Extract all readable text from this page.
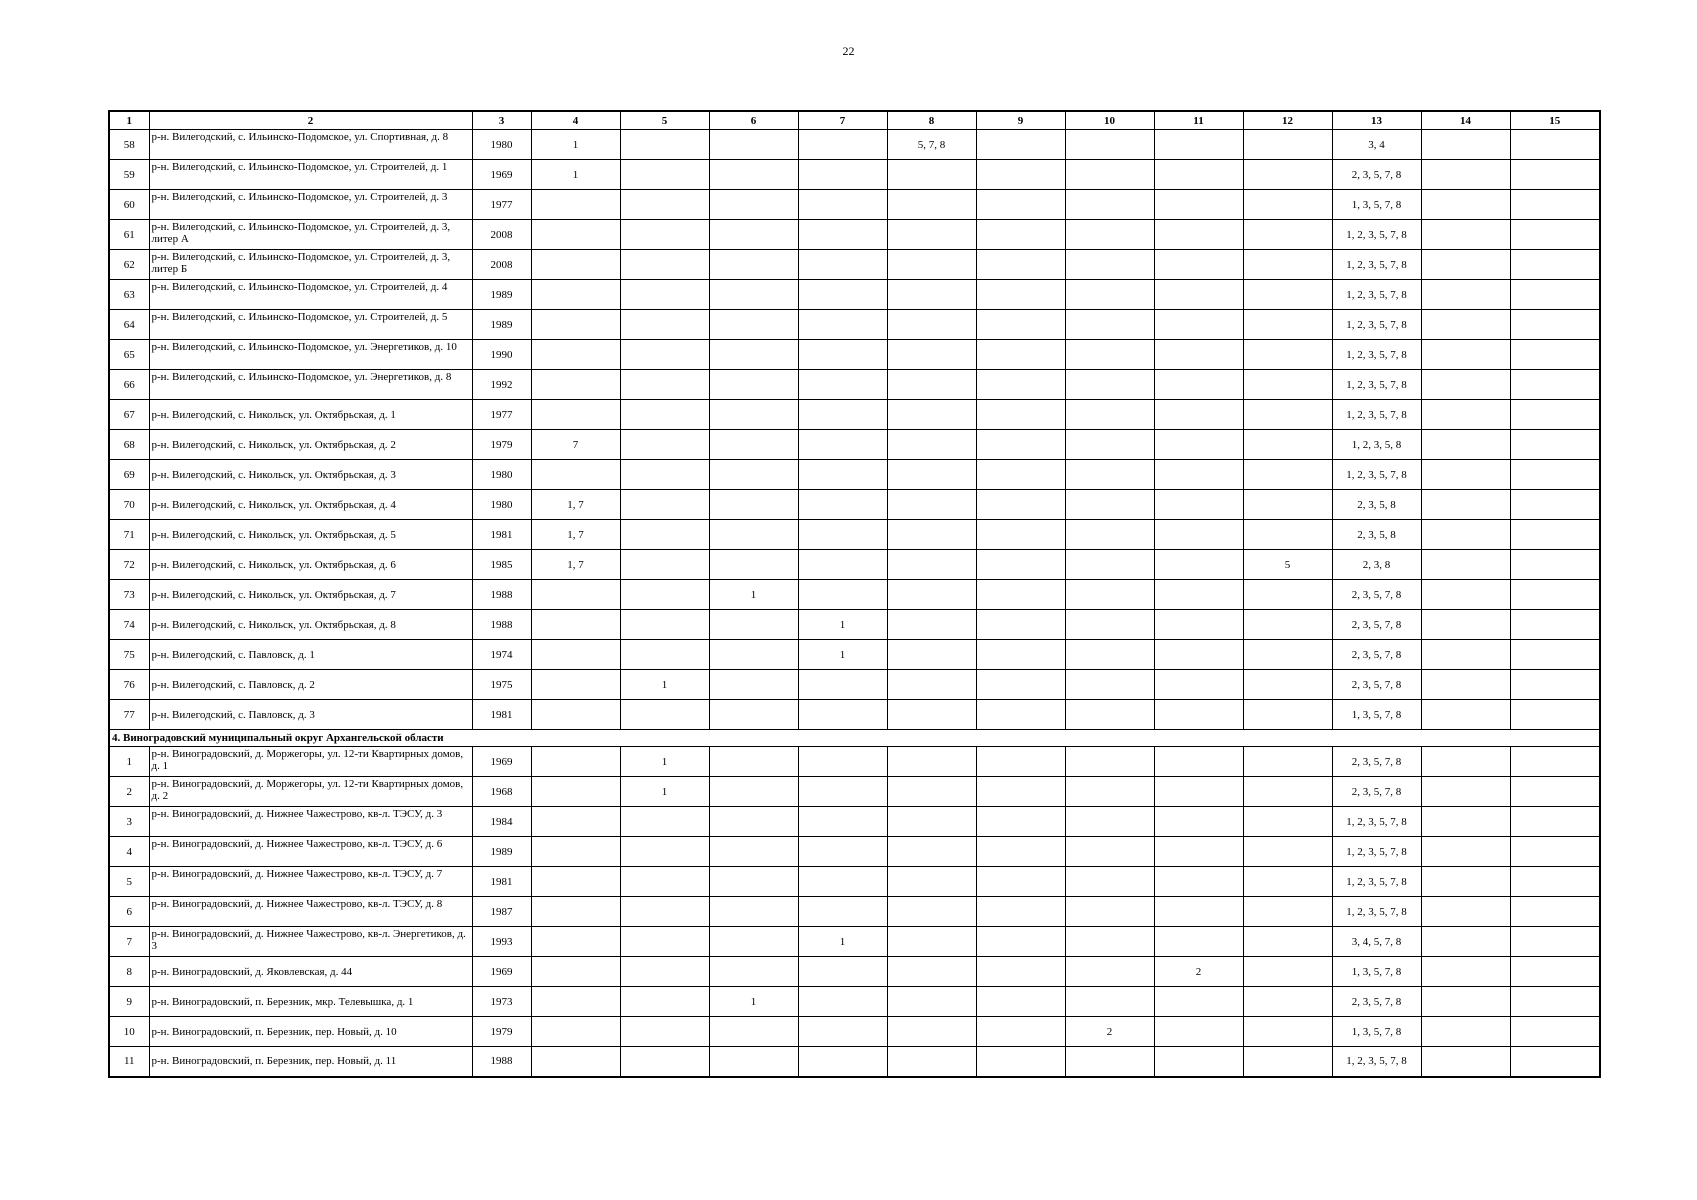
22
1	2	3	4	5	6	7	8	9	10	11	12	13	14	15
58	р-н. Вилегодский, с. Ильинско-Подомское, ул. Спортивная, д. 8	1980	1				5, 7, 8					3, 4		
59	р-н. Вилегодский, с. Ильинско-Подомское, ул. Строителей, д. 1	1969	1									2, 3, 5, 7, 8		
60	р-н. Вилегодский, с. Ильинско-Подомское, ул. Строителей, д. 3	1977										1, 3, 5, 7, 8		
61	р-н. Вилегодский, с. Ильинско-Подомское, ул. Строителей, д. 3, литер А	2008										1, 2, 3, 5, 7, 8		
62	р-н. Вилегодский, с. Ильинско-Подомское, ул. Строителей, д. 3, литер Б	2008										1, 2, 3, 5, 7, 8		
63	р-н. Вилегодский, с. Ильинско-Подомское, ул. Строителей, д. 4	1989										1, 2, 3, 5, 7, 8		
64	р-н. Вилегодский, с. Ильинско-Подомское, ул. Строителей, д. 5	1989										1, 2, 3, 5, 7, 8		
65	р-н. Вилегодский, с. Ильинско-Подомское, ул. Энергетиков, д. 10	1990										1, 2, 3, 5, 7, 8		
66	р-н. Вилегодский, с. Ильинско-Подомское, ул. Энергетиков, д. 8	1992										1, 2, 3, 5, 7, 8		
67	р-н. Вилегодский, с. Никольск, ул. Октябрьская, д. 1	1977										1, 2, 3, 5, 7, 8		
68	р-н. Вилегодский, с. Никольск, ул. Октябрьская, д. 2	1979	7									1, 2, 3, 5, 8		
69	р-н. Вилегодский, с. Никольск, ул. Октябрьская, д. 3	1980										1, 2, 3, 5, 7, 8		
70	р-н. Вилегодский, с. Никольск, ул. Октябрьская, д. 4	1980	1, 7									2, 3, 5, 8		
71	р-н. Вилегодский, с. Никольск, ул. Октябрьская, д. 5	1981	1, 7									2, 3, 5, 8		
72	р-н. Вилегодский, с. Никольск, ул. Октябрьская, д. 6	1985	1, 7								5	2, 3, 8		
73	р-н. Вилегодский, с. Никольск, ул. Октябрьская, д. 7	1988			1							2, 3, 5, 7, 8		
74	р-н. Вилегодский, с. Никольск, ул. Октябрьская, д. 8	1988				1						2, 3, 5, 7, 8		
75	р-н. Вилегодский, с. Павловск, д. 1	1974				1						2, 3, 5, 7, 8		
76	р-н. Вилегодский, с. Павловск, д. 2	1975		1								2, 3, 5, 7, 8		
77	р-н. Вилегодский, с. Павловск, д. 3	1981										1, 3, 5, 7, 8		
4. Виноградовский муниципальный округ Архангельской области														
1	р-н. Виноградовский, д. Моржегоры, ул. 12-ти Квартирных домов, д. 1	1969		1								2, 3, 5, 7, 8		
2	р-н. Виноградовский, д. Моржегоры, ул. 12-ти Квартирных домов, д. 2	1968		1								2, 3, 5, 7, 8		
3	р-н. Виноградовский, д. Нижнее Чажестрово, кв-л. ТЭСУ, д. 3	1984										1, 2, 3, 5, 7, 8		
4	р-н. Виноградовский, д. Нижнее Чажестрово, кв-л. ТЭСУ, д. 6	1989										1, 2, 3, 5, 7, 8		
5	р-н. Виноградовский, д. Нижнее Чажестрово, кв-л. ТЭСУ, д. 7	1981										1, 2, 3, 5, 7, 8		
6	р-н. Виноградовский, д. Нижнее Чажестрово, кв-л. ТЭСУ, д. 8	1987										1, 2, 3, 5, 7, 8		
7	р-н. Виноградовский, д. Нижнее Чажестрово, кв-л. Энергетиков, д. 3	1993				1						3, 4, 5, 7, 8		
8	р-н. Виноградовский, д. Яковлевская, д. 44	1969								2		1, 3, 5, 7, 8		
9	р-н. Виноградовский, п. Березник, мкр. Телевышка, д. 1	1973			1							2, 3, 5, 7, 8		
10	р-н. Виноградовский, п. Березник, пер. Новый, д. 10	1979							2			1, 3, 5, 7, 8		
11	р-н. Виноградовский, п. Березник, пер. Новый, д. 11	1988										1, 2, 3, 5, 7, 8		
